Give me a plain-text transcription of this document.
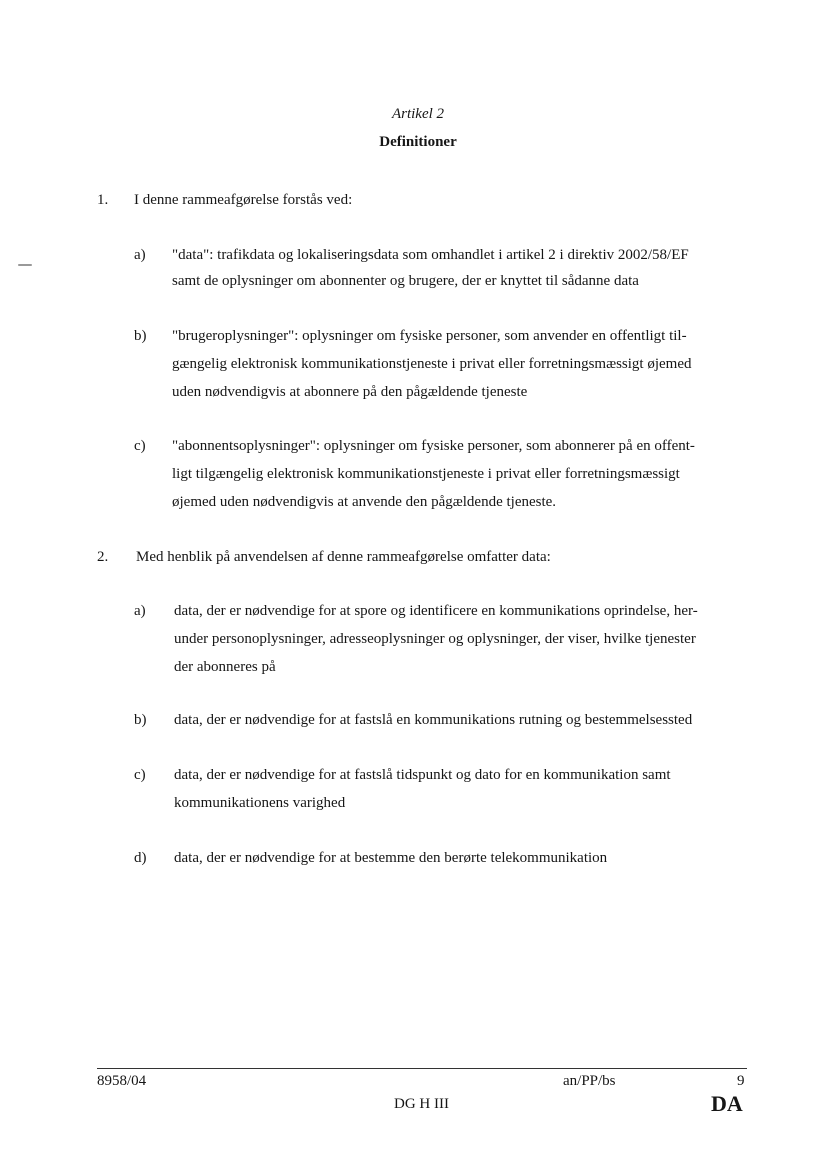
Artikel 2
Definitioner
1. I denne rammeafgørelse forstås ved:
a) "data": trafikdata og lokaliseringsdata som omhandlet i artikel 2 i direktiv 2002/58/EF
samt de oplysninger om abonnenter og brugere, der er knyttet til sådanne data
b) "brugeroplysninger": oplysninger om fysiske personer, som anvender en offentligt til-
gængelig elektronisk kommunikationstjeneste i privat eller forretningsmæssigt øjemed
uden nødvendigvis at abonnere på den pågældende tjeneste
c) "abonnentsoplysninger": oplysninger om fysiske personer, som abonnerer på en offent-
ligt tilgængelig elektronisk kommunikationstjeneste i privat eller forretningsmæssigt
øjemed uden nødvendigvis at anvende den pågældende tjeneste.
2. Med henblik på anvendelsen af denne rammeafgørelse omfatter data:
a) data, der er nødvendige for at spore og identificere en kommunikations oprindelse, her-
under personoplysninger, adresseoplysninger og oplysninger, der viser, hvilke tjenester
der abonneres på
b) data, der er nødvendige for at fastslå en kommunikations rutning og bestemmelsessted
c) data, der er nødvendige for at fastslå tidspunkt og dato for en kommunikation samt
kommunikationens varighed
d) data, der er nødvendige for at bestemme den berørte telekommunikation
8958/04	an/PP/bs	9
DG H III	DA
